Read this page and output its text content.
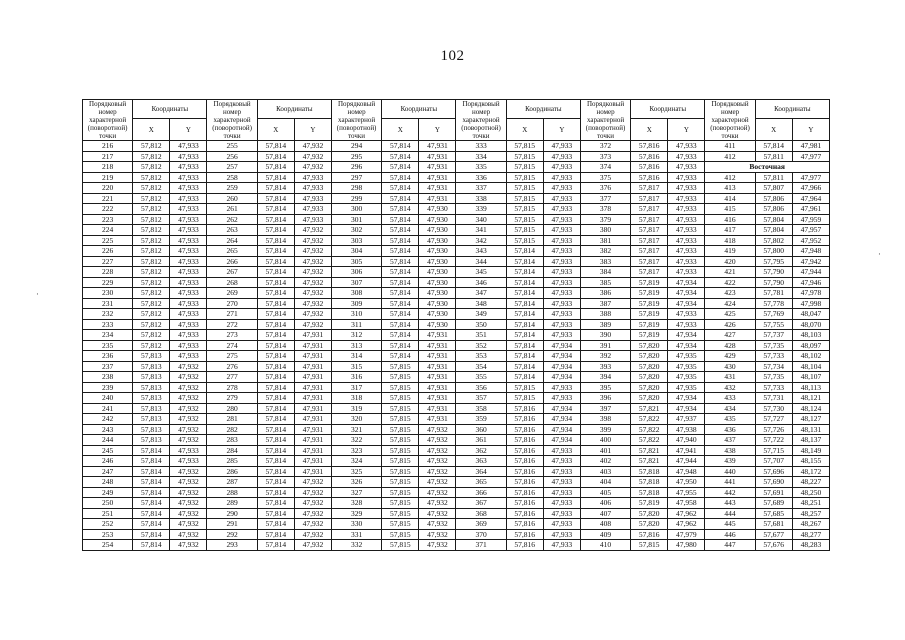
102
Порядковый номер характерной (поворотной) точки	Координаты		Порядковый номер характерной (поворотной) точки	Координаты		Порядковый номер характерной (поворотной) точки	Координаты		Порядковый номер характерной (поворотной) точки	Координаты		Порядковый номер характерной (поворотной) точки	Координаты		Порядковый номер характерной (поворотной) точки	Координаты	
	X	Y		X	Y		X	Y		X	Y		X	Y		X	Y
216	57,812	47,933	255	57,814	47,932	294	57,814	47,931	333	57,815	47,933	372	57,816	47,933	411	57,814	47,981
217	57,812	47,933	256	57,814	47,932	295	57,814	47,931	334	57,815	47,933	373	57,816	47,933	412	57,811	47,977
218	57,812	47,933	257	57,814	47,932	296	57,814	47,931	335	57,815	47,933	374	57,816	47,933	Восточная		
219	57,812	47,933	258	57,814	47,933	297	57,814	47,931	336	57,815	47,933	375	57,816	47,933	412	57,811	47,977
220	57,812	47,933	259	57,814	47,933	298	57,814	47,931	337	57,815	47,933	376	57,817	47,933	413	57,807	47,966
221	57,812	47,933	260	57,814	47,933	299	57,814	47,931	338	57,815	47,933	377	57,817	47,933	414	57,806	47,964
222	57,812	47,933	261	57,814	47,933	300	57,814	47,930	339	57,815	47,933	378	57,817	47,933	415	57,806	47,961
223	57,812	47,933	262	57,814	47,933	301	57,814	47,930	340	57,815	47,933	379	57,817	47,933	416	57,804	47,959
224	57,812	47,933	263	57,814	47,932	302	57,814	47,930	341	57,815	47,933	380	57,817	47,933	417	57,804	47,957
225	57,812	47,933	264	57,814	47,932	303	57,814	47,930	342	57,815	47,933	381	57,817	47,933	418	57,802	47,952
226	57,812	47,933	265	57,814	47,932	304	57,814	47,930	343	57,814	47,933	382	57,817	47,933	419	57,800	47,948
227	57,812	47,933	266	57,814	47,932	305	57,814	47,930	344	57,814	47,933	383	57,817	47,933	420	57,795	47,942
228	57,812	47,933	267	57,814	47,932	306	57,814	47,930	345	57,814	47,933	384	57,817	47,933	421	57,790	47,944
229	57,812	47,933	268	57,814	47,932	307	57,814	47,930	346	57,814	47,933	385	57,819	47,934	422	57,790	47,946
230	57,812	47,933	269	57,814	47,932	308	57,814	47,930	347	57,814	47,933	386	57,819	47,934	423	57,781	47,978
231	57,812	47,933	270	57,814	47,932	309	57,814	47,930	348	57,814	47,933	387	57,819	47,934	424	57,778	47,998
232	57,812	47,933	271	57,814	47,932	310	57,814	47,930	349	57,814	47,933	388	57,819	47,933	425	57,769	48,047
233	57,812	47,933	272	57,814	47,932	311	57,814	47,930	350	57,814	47,933	389	57,819	47,933	426	57,755	48,070
234	57,812	47,933	273	57,814	47,931	312	57,814	47,931	351	57,814	47,933	390	57,819	47,934	427	57,737	48,103
235	57,812	47,933	274	57,814	47,931	313	57,814	47,931	352	57,814	47,934	391	57,820	47,934	428	57,735	48,097
236	57,813	47,933	275	57,814	47,931	314	57,814	47,931	353	57,814	47,934	392	57,820	47,935	429	57,733	48,102
237	57,813	47,932	276	57,814	47,931	315	57,815	47,931	354	57,814	47,934	393	57,820	47,935	430	57,734	48,104
238	57,813	47,932	277	57,814	47,931	316	57,815	47,931	355	57,814	47,934	394	57,820	47,935	431	57,735	48,107
239	57,813	47,932	278	57,814	47,931	317	57,815	47,931	356	57,815	47,933	395	57,820	47,935	432	57,733	48,113
240	57,813	47,932	279	57,814	47,931	318	57,815	47,931	357	57,815	47,933	396	57,820	47,934	433	57,731	48,121
241	57,813	47,932	280	57,814	47,931	319	57,815	47,931	358	57,816	47,934	397	57,821	47,934	434	57,730	48,124
242	57,813	47,932	281	57,814	47,931	320	57,815	47,931	359	57,816	47,934	398	57,822	47,937	435	57,727	48,127
243	57,813	47,932	282	57,814	47,931	321	57,815	47,932	360	57,816	47,934	399	57,822	47,938	436	57,726	48,131
244	57,813	47,932	283	57,814	47,931	322	57,815	47,932	361	57,816	47,934	400	57,822	47,940	437	57,722	48,137
245	57,814	47,933	284	57,814	47,931	323	57,815	47,932	362	57,816	47,933	401	57,821	47,941	438	57,715	48,149
246	57,814	47,933	285	57,814	47,931	324	57,815	47,932	363	57,816	47,933	402	57,821	47,944	439	57,707	48,155
247	57,814	47,932	286	57,814	47,931	325	57,815	47,932	364	57,816	47,933	403	57,818	47,948	440	57,696	48,172
248	57,814	47,932	287	57,814	47,932	326	57,815	47,932	365	57,816	47,933	404	57,818	47,950	441	57,690	48,227
249	57,814	47,932	288	57,814	47,932	327	57,815	47,932	366	57,816	47,933	405	57,818	47,955	442	57,691	48,250
250	57,814	47,932	289	57,814	47,932	328	57,815	47,932	367	57,816	47,933	406	57,819	47,958	443	57,689	48,251
251	57,814	47,932	290	57,814	47,932	329	57,815	47,932	368	57,816	47,933	407	57,820	47,962	444	57,685	48,257
252	57,814	47,932	291	57,814	47,932	330	57,815	47,932	369	57,816	47,933	408	57,820	47,962	445	57,681	48,267
253	57,814	47,932	292	57,814	47,932	331	57,815	47,932	370	57,816	47,933	409	57,816	47,979	446	57,677	48,277
254	57,814	47,932	293	57,814	47,932	332	57,815	47,932	371	57,816	47,933	410	57,815	47,980	447	57,676	48,283
·
·
